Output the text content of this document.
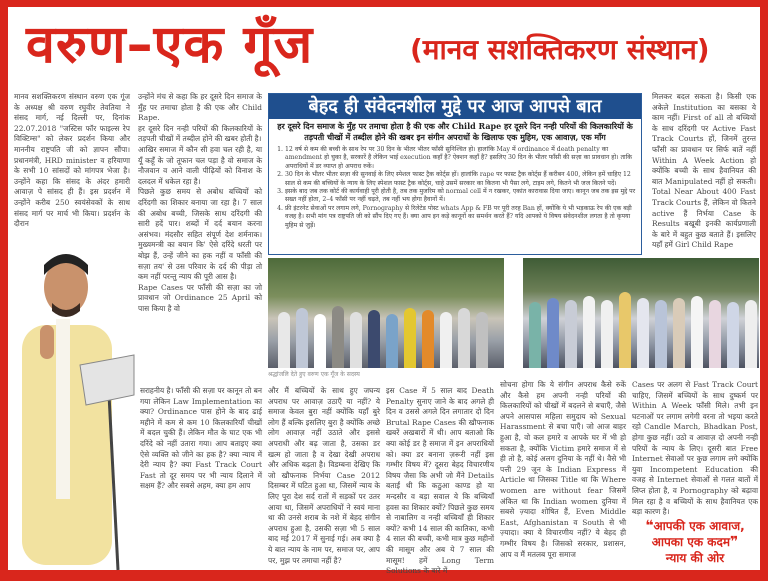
वरुण–एक गूँज	(मानव सशक्तिकरण संस्थान)

मानव सशक्तिकरण संस्थान वरुण एक गूंज के अध्यक्ष श्री वरुण रघुवीर तेवतिया ने संसद मार्ग, नई दिल्ली पर, दिनांक 22.07.2018 "जस्टिस फॉर फाइल्स रेप विक्टिम्स" को लेकर प्रदर्शन किया और माननीय राष्ट्रपति जी को ज्ञापन सौंपा। प्रधानमंत्री, HRD minister व हरियाणा के सभी 10 सांसदों को मांगपत्र भेजा है। उन्होंने कहा कि संसद के अंदर हमारी आवाज़ पे सांसद ही हैं। इस प्रदर्शन में उन्होंने करीब 250 स्वयंसेवकों के साथ संसद मार्ग पर मार्च भी किया। प्रदर्शन के दौरान

उन्होंने मंच से कहा कि हर दूसरे दिन समाज के मुँह पर तमाचा होता है की एक और Child Rape.

हर दूसरे दिन नन्ही परियों की किलकारियों के तड़पती चीखों में तब्दील होने की खबर होती है।

आखिर समाज में कौन सी हवा चल रही है, या यूँ कहूँ के जो तूफान चल पड़ा है वो समाज के नौजवान व आने वाली पीढ़ियों को विनाश के दलदल में धकेल रहा है।

पिछले कुछ समय से अबोध बच्चियों को दरिंदगी का शिकार बनाया जा रहा है। 7 साल की अबोध बच्ची, जिसके साथ दरिंदगी की सारी हदें पार। शब्दों में दर्द बयान करना असंभव। मंदसौर सहित संपूर्ण देश शर्मनाक। मुख्यमन्त्री का बयान कि' ऐसे दरिंदे धरती पर बोझ हैं, उन्हें जीने का हक नहीं व फाँसी की सज़ा तय' से उस परिवार के दर्द की पीड़ा तो कम नहीं परन्तु न्याय की पूरी आस है।

Rape Cases पर फाँसी की सज़ा का जो प्रावधान जो Ordinance 25 April को पास किया है वो

बेहद ही संवेदनशील मुद्दे पर आज आपसे बात
हर दूसरे दिन समाज के मुँह पर तमाचा होता है की एक और Child Rape हर दूसरे दिन नन्ही परियों की किलकारियों के तड़पती चीखों में तब्दील होने की खबर इन संगीन अपराधों के खिलाफ एक मुहिम, एक आवाज़, एक माँग
1. 12 वर्ष से कम की बच्ची के साथ रेप पर 30 दिन के भीतर भीतर फाँसी सुनिश्चित हो। हालांकि May में ordinance में death penalty का amendment हो चुका है, सरकारें है लेकिन भाई execution कहाँ है? ऐक्शन कहाँ है? इसलिए 30 दिन के भीतर फाँसी की सज़ा का प्रावधान हो। ताकि अपराधियों में डर व्याप्त हो अपराध रुकें।
2. 30 दिन के भीतर भीतर सज़ा की सुनवाई के लिए स्पेशल फास्ट ट्रैक कोर्ट्स हों। हालांकि rape पर फास्ट ट्रैक कोर्ट्स हैं करीबन 400, लेकिन हमें चाहिए 12 साल से कम की बच्चियों के न्याय के लिए स्पेशल फास्ट ट्रैक कोर्ट्स, चाहे उसमें सरकार का कितना भी पैसा लगे, टाइम लगे, कितने भी जज कितने पदें।
3. इसके बाद जब तक कोर्ट की कार्यवाही पूरी होती है, तब तक मुजरिम को normal cell में न रखकर, एकांत कारावास दिया जाए। कानून जब तक इस मुद्दे पर सख्त नहीं होता, 2–4 फाँसी पर नहीं चढ़ते, तब नहीं भय होगा हैवानों में।
4. फ्री इंटरनेट सेवाओं पर लगाम लगे, Pornography से रिलेटेड पोस्ट whats App & FB पर पूरी तरह Ban हों, क्योंकि ये भी भड़काऊ रेप की एक बड़ी वजह है। सभी मांग पत्र राष्ट्रपति जी को सौंप दिए गए हैं। क्या आप इन कड़े कानूनों का समर्थन करते हैं? यदि आपको ये विषय संवेदनशील लगता है तो कृपया मुहिम से जुड़ें।

मिलकर बदल सकता है। किसी एक अकेले Institution का बसका ये काम नहीं। First of all तो बच्चियों के साथ दरिंदगी पर Active Fast Track Courts हों, जिनमें तुरन्त फाँसी का प्रावधान पर सिर्फ बातें नहीं Within A Week Action हो क्योंकि बच्ची के साथ हैवानियत की बात Manipulated नहीं हो सकती। Total Near About 400 Fast Track Courts हैं, लेकिन वो कितने active हैं निर्भया Case के Results बखूबी इनकी कार्यप्रणाली के बारे में बहुत कुछ बताते हैं। इसलिए यहाँ हमें Girl Child Rape

श्रद्धांजलि देते हुए वरुण एक गूँज के सदस्य

सराहनीय है। फाँसी की सज़ा पर कानून तो बन गया लेकिन Law Implementation का क्या? Ordinance पास होने के बाद ढाई महीने में कम से कम 10 किलकारियाँ चीखों में बदल चुकी हैं। लेकिन मौत के घाट एक भी दरिंदे को नहीं उतारा गया। आप बताइए क्या ऐसे व्यक्ति को जीने का हक है? क्या न्याय में देरी न्याय है? क्या Fast Track Court Fast तो दूर समय पर भी न्याय दिलाने में सक्षम हैं? और सबसे अहम, क्या हम आप

और मैं बच्चियों के साथ हुए जघन्य अपराध पर आवाज़ उठाएँ या नहीं? ये समाज केवल बुरा नहीं क्योंकि यहाँ बुरे लोग हैं बल्कि इसलिए बुरा है क्योंकि अच्छे लोग आवाज़ नहीं उठाते और इससे अपराधी और बढ़ जाता है, उसका डर खत्म हो जाता है व देखा देखी अपराध और अधिक बढ़ता है। विडम्बना देखिए कि जो खौफनाक निर्भया Case 2012 दिसम्बर में घटित हुआ था, जिसमें न्याय के लिए पूरा देश सर्द रातों में सड़कों पर उतर आया था, जिसमें अपराधियों ने स्वयं माना था की उनसे शराब के नशे में बेहद संगीन अपराध हुआ है, उसकी सज़ा भी 5 साल बाद मई 2017 में सुनाई गई। अब क्या है ये बात न्याय के नाम पर, समाज पर, आप पर, मुझ पर तमाचा नहीं है?

इस Case में 5 साल बाद Death Penalty सुनाए जाने के बाद अगले ही दिन व उससे अगले दिन लगातार दो दिन Brutal Rape Cases की खौफनाक खबरें अखबारों में थी। आप बताओ कि क्या कोई डर है समाज में इन अपराधियों को। क्या डर बनाना ज़रूरी नहीं इस गम्भीर विषय में? दूसरा बेहद विचारणीय विषय जैसा कि अभी जो मैंने Details बताईं थी कि कठुआ काण्ड हो या मन्दसौर व बड़ा सवाल ये कि बच्चियाँ हवस का शिकार क्यों? पिछले कुछ समय से नाबालिग व नन्ही बच्चियाँ ही शिकार क्यों? कभी 14 साल की कातिका, कभी 4 साल की बच्ची, कभी मात्र कुछ महीनों की मासूम और अब ये 7 साल की मासूम! हमें Long Term Solutions के बारे में

सोचना होगा कि ये संगीन अपराध कैसे रुकें और कैसे हम अपनी नन्ही परियों की किलकारियों को चीखों में बदलने से बचाएँ, जैसे अपने आसपास महिला समुदाय को Sexual Harassment से बचा पाएँ। जो आज बाहर हुआ है, वो कल हमारे व आपके घर में भी हो सकता है, क्योंकि Victim हमारे समाज में से ही तो है, कोई अलग दुनिया के नहीं थे। वैसे भी पत्ती 29 जून के Indian Express में Article था जिसका Title था कि Where women are without fear जिसमें अंकित था कि Indian women दुनिया में सबसे ज़्यादा शोषित हैं, Even Middle East, Afghanistan व South से भी ज़्यादा। क्या ये विचारणीय नहीं? ये बेहद ही गम्भीर विषय है। जिसको सरकार, प्रशासन, आप व मैं मतलब पूरा समाज

Cases पर अलग से Fast Track Court चाहिए, जिसमें बच्चियों के साथ दुष्कर्म पर Within A Week फाँसी मिले। तभी इन घटनाओं पर लगाम लगेगी वरना तो भइया करते रहो Candle March, Bhadkan Post, होगा कुछ नहीं। उठो व आवाज़ दो अपनी नन्ही परियों के न्याय के लिए। दूसरी बात Free Internet सेवाओं पर कुछ लगाम लगे क्योंकि युवा Incompetent Education की वजह से Internet सेवाओं से गलत बातों में लिप्त होता है, व Pornography को बढ़ावा मिल रहा है व बच्चियों के साथ हैवानियत एक बड़ा कारण है।

❝आपकी एक आवाज,
आपका एक कदम❞
न्याय की ओर
